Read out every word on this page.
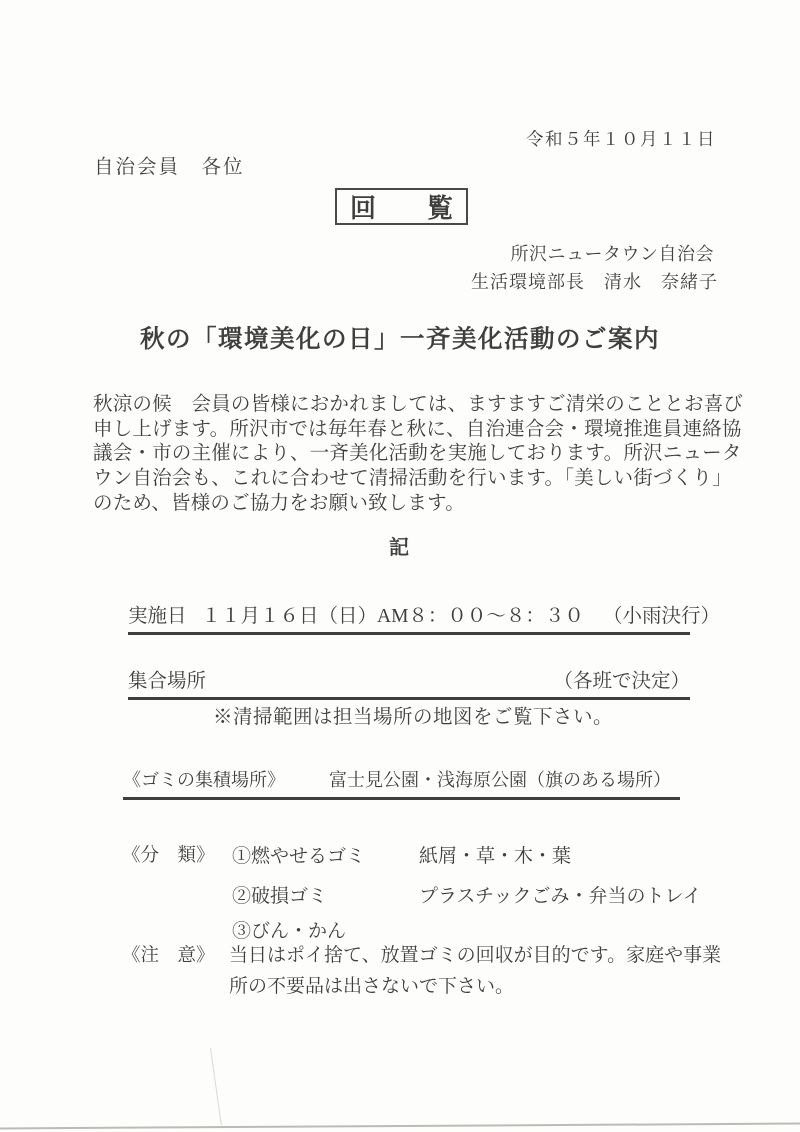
令和５年１０月１１日
自治会員　各位
回 覧
所沢ニュータウン自治会
生活環境部長　清水　奈緒子
秋の「環境美化の日」一斉美化活動のご案内
秋涼の候　会員の皆様におかれましては、ますますご清栄のこととお喜び
申し上げます。所沢市では毎年春と秋に、自治連合会・環境推進員連絡協
議会・市の主催により、一斉美化活動を実施しております。所沢ニュータ
ウン自治会も、これに合わせて清掃活動を行います。「美しい街づくり」
のため、皆様のご協力をお願い致します。
記
実施日 １１月１６日（日）AM８：００～８：３０ （小雨決行）
集合場所	（各班で決定）
※清掃範囲は担当場所の地図をご覧下さい。
《ゴミの集積場所》 富士見公園・浅海原公園（旗のある場所）
《分　類》 ①燃やせるゴミ	紙屑・草・木・葉
②破損ゴミ	プラスチックごみ・弁当のトレイ
③びん・かん
《注　意》 当日はポイ捨て、放置ゴミの回収が目的です。家庭や事業
所の不要品は出さないで下さい。
